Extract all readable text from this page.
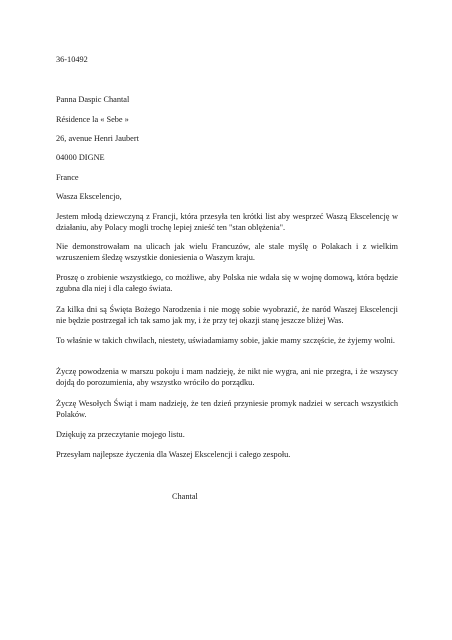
36-10492

Panna Daspic Chantal

Résidence la « Sebe »

26, avenue Henri Jaubert

04000 DIGNE

France

Wasza Ekscelencjo,

Jestem młodą dziewczyną z Francji, która przesyła ten krótki list aby wesprzeć Waszą Ekscelencję w działaniu, aby Polacy mogli trochę lepiej znieść ten "stan oblężenia".

Nie demonstrowałam na ulicach jak wielu Francuzów, ale stale myślę o Polakach i z wielkim wzruszeniem śledzę wszystkie doniesienia o Waszym kraju.

Proszę o zrobienie wszystkiego, co możliwe, aby Polska nie wdała się w wojnę domową, która będzie zgubna dla niej i dla całego świata.

Za kilka dni są Święta Bożego Narodzenia i nie mogę sobie wyobrazić, że naród Waszej Ekscelencji nie będzie postrzegał ich tak samo jak my, i że przy tej okazji stanę jeszcze bliżej Was.

To właśnie w takich chwilach, niestety, uświadamiamy sobie, jakie mamy szczęście, że żyjemy wolni.

Życzę powodzenia w marszu pokoju i mam nadzieję, że nikt nie wygra, ani nie przegra, i że wszyscy dojdą do porozumienia, aby wszystko wróciło do porządku.

Życzę Wesołych Świąt i mam nadzieję, że ten dzień przyniesie promyk nadziei w sercach wszystkich Polaków.

Dziękuję za przeczytanie mojego listu.

Przesyłam najlepsze życzenia dla Waszej Ekscelencji i całego zespołu.

Chantal
